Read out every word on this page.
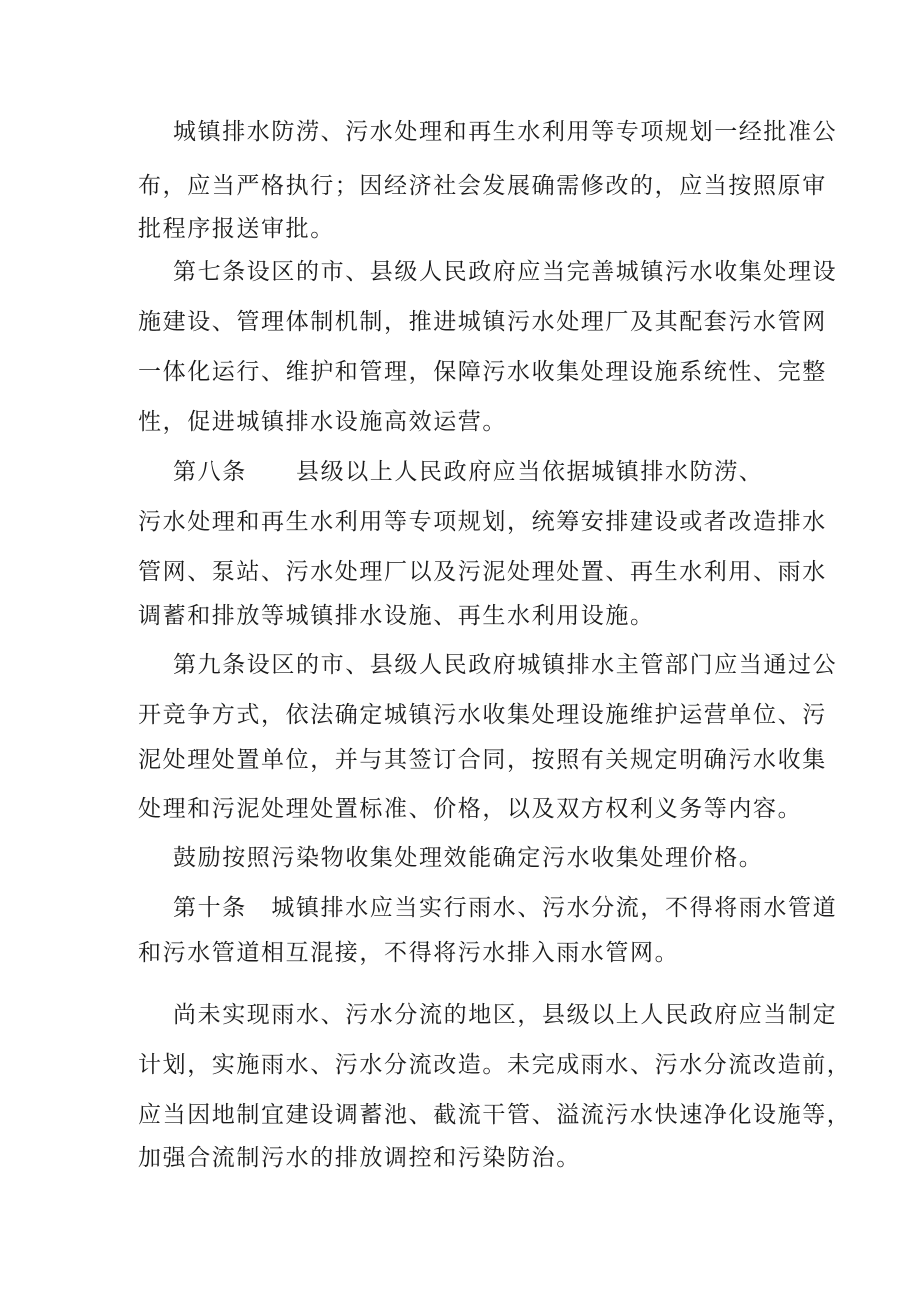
城镇排水防涝、污水处理和再生水利用等专项规划一经批准公

布，应当严格执行；因经济社会发展确需修改的，应当按照原审

批程序报送审批。

第七条设区的市、县级人民政府应当完善城镇污水收集处理设

施建设、管理体制机制，推进城镇污水处理厂及其配套污水管网

一体化运行、维护和管理，保障污水收集处理设施系统性、完整

性，促进城镇排水设施高效运营。

第八条　　县级以上人民政府应当依据城镇排水防涝、

污水处理和再生水利用等专项规划，统筹安排建设或者改造排水

管网、泵站、污水处理厂以及污泥处理处置、再生水利用、雨水

调蓄和排放等城镇排水设施、再生水利用设施。

第九条设区的市、县级人民政府城镇排水主管部门应当通过公

开竞争方式，依法确定城镇污水收集处理设施维护运营单位、污

泥处理处置单位，并与其签订合同，按照有关规定明确污水收集

处理和污泥处理处置标准、价格，以及双方权利义务等内容。

鼓励按照污染物收集处理效能确定污水收集处理价格。

第十条　城镇排水应当实行雨水、污水分流，不得将雨水管道

和污水管道相互混接，不得将污水排入雨水管网。

尚未实现雨水、污水分流的地区，县级以上人民政府应当制定

计划，实施雨水、污水分流改造。未完成雨水、污水分流改造前，

应当因地制宜建设调蓄池、截流干管、溢流污水快速净化设施等，

加强合流制污水的排放调控和污染防治。
